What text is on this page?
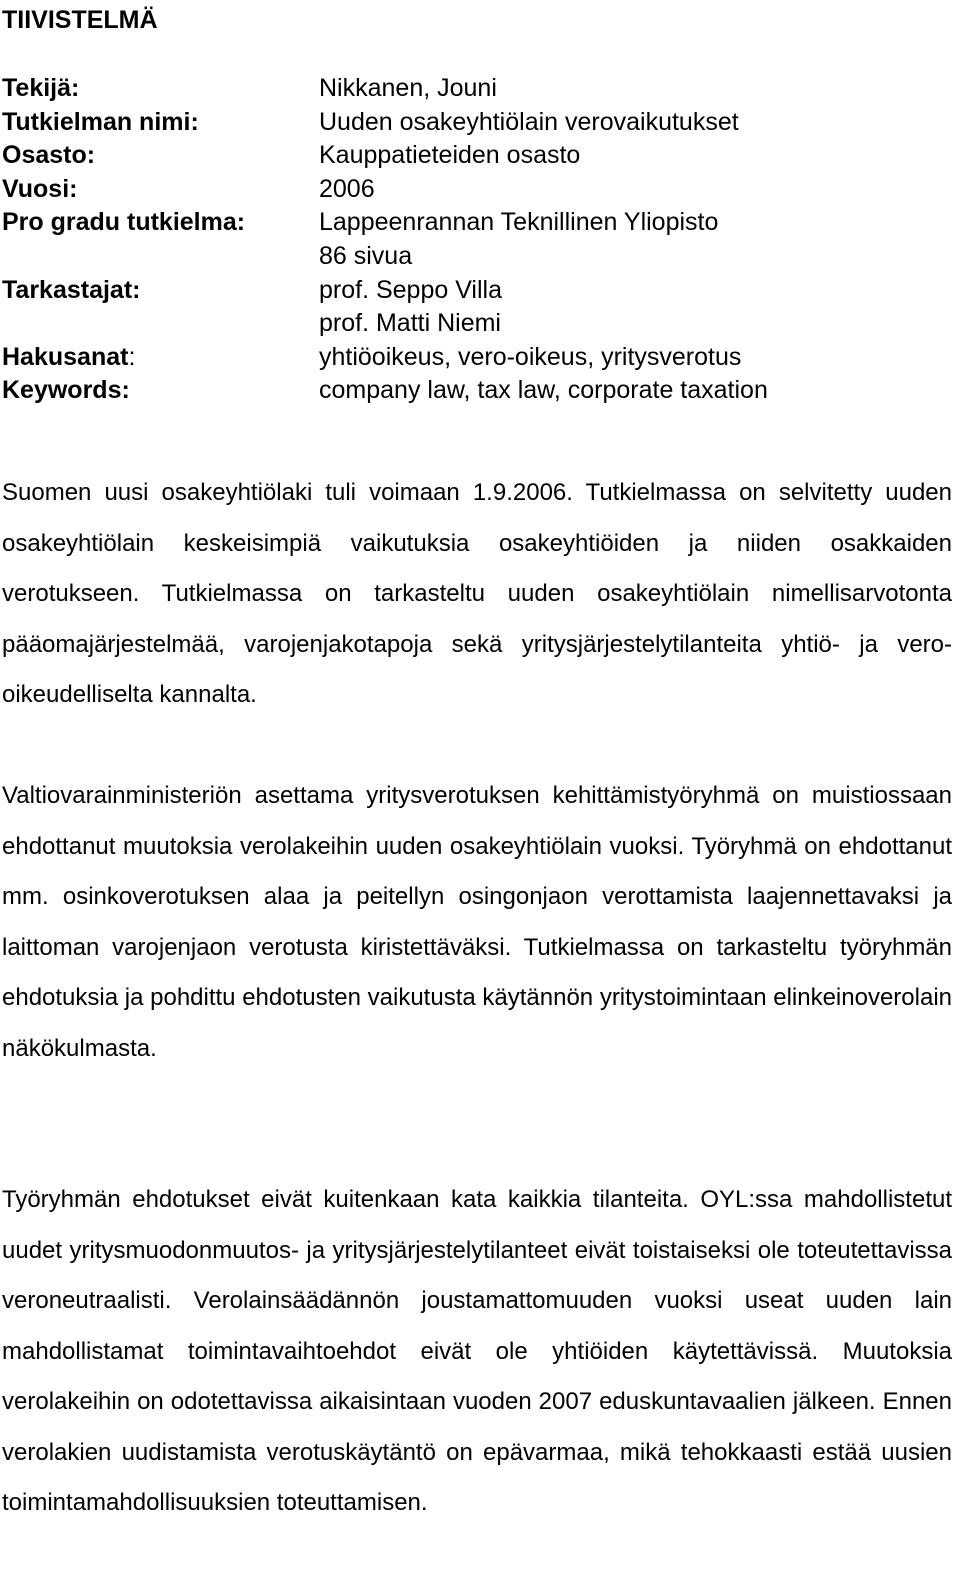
TIIVISTELMÄ
Tekijä:	Nikkanen, Jouni
Tutkielman nimi:	Uuden osakeyhtiölain verovaikutukset
Osasto:	Kauppatieteiden osasto
Vuosi:	2006
Pro gradu tutkielma:	Lappeenrannan Teknillinen Yliopisto
86 sivua
Tarkastajat:	prof. Seppo Villa
prof. Matti Niemi
Hakusanat:	yhtiöoikeus, vero-oikeus, yritysverotus
Keywords:	company law, tax law, corporate taxation

Suomen uusi osakeyhtiölaki tuli voimaan 1.9.2006. Tutkielmassa on selvitetty uuden osakeyhtiölain keskeisimpiä vaikutuksia osakeyhtiöiden ja niiden osakkaiden verotukseen. Tutkielmassa on tarkasteltu uuden osakeyhtiölain nimellisarvotonta pääomajärjestelmää, varojenjakotapoja sekä yritysjärjestelytilanteita yhtiö- ja vero-oikeudelliselta kannalta.

Valtiovarainministeriön asettama yritysverotuksen kehittämistyöryhmä on muistiossaan ehdottanut muutoksia verolakeihin uuden osakeyhtiölain vuoksi. Työryhmä on ehdottanut mm. osinkoverotuksen alaa ja peitellyn osingonjaon verottamista laajennettavaksi ja laittoman varojenjaon verotusta kiristettäväksi. Tutkielmassa on tarkasteltu työryhmän ehdotuksia ja pohdittu ehdotusten vaikutusta käytännön yritystoimintaan elinkeinoverolain näkökulmasta.

Työryhmän ehdotukset eivät kuitenkaan kata kaikkia tilanteita. OYL:ssa mahdollistetut uudet yritysmuodonmuutos- ja yritysjärjestelytilanteet eivät toistaiseksi ole toteutettavissa veroneutraalisti. Verolainsäädännön joustamattomuuden vuoksi useat uuden lain mahdollistamat toimintavaihtoehdot eivät ole yhtiöiden käytettävissä. Muutoksia verolakeihin on odotettavissa aikaisintaan vuoden 2007 eduskuntavaalien jälkeen. Ennen verolakien uudistamista verotuskäytäntö on epävarmaa, mikä tehokkaasti estää uusien toimintamahdollisuuksien toteuttamisen.
